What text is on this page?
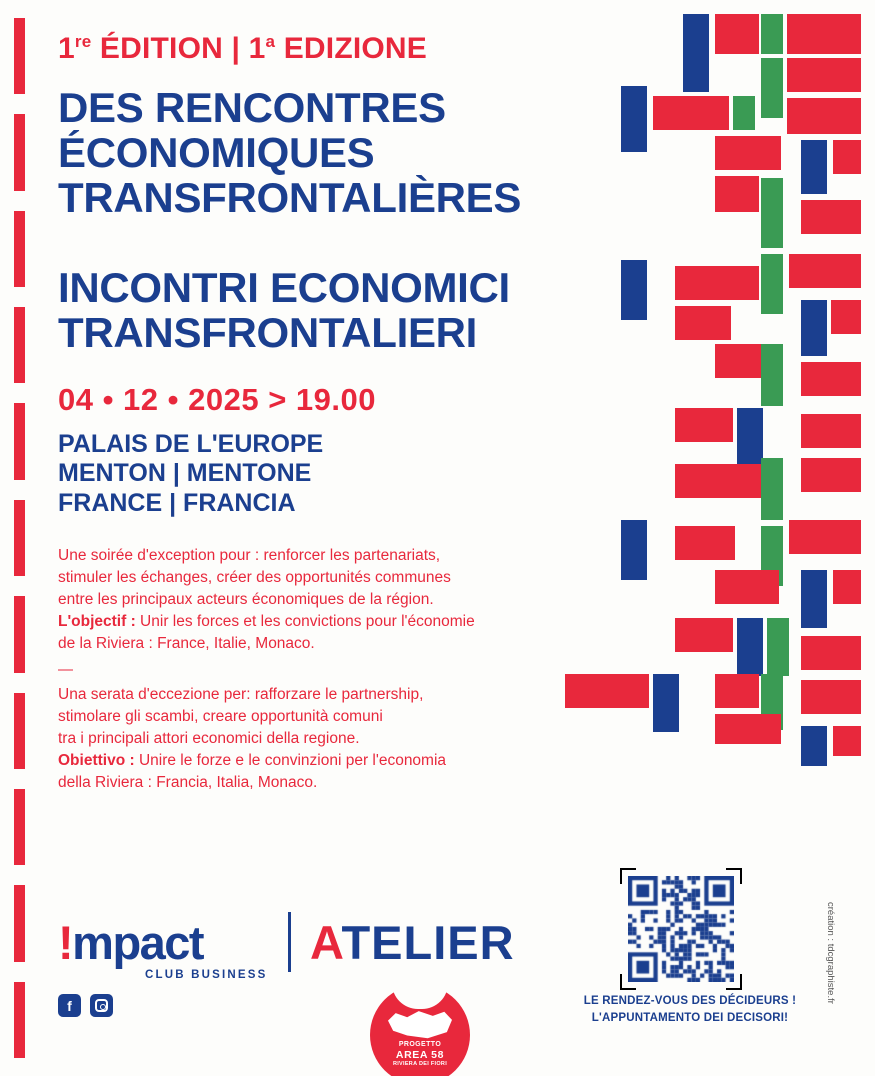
1re ÉDITION | 1$^a$ EDIZIONE
DES RENCONTRES
ÉCONOMIQUES
TRANSFRONTALIÈRES
INCONTRI ECONOMICI
TRANSFRONTALIERI
04 • 12 • 2025 > 19.00
PALAIS DE L'EUROPE
MENTON | MENTONE
FRANCE | FRANCIA
Une soirée d'exception pour : renforcer les partenariats,
stimuler les échanges, créer des opportunités communes
entre les principaux acteurs économiques de la région.
L'objectif : Unir les forces et les convictions pour l'économie
de la Riviera : France, Italie, Monaco.
—
Una serata d'eccezione per: rafforzare le partnership,
stimolare gli scambi, creare opportunità comuni
tra i principali attori economici della regione.
Obiettivo : Unire le forze e le convinzioni per l'economia
della Riviera : Francia, Italia, Monaco.
!mpact
CLUB BUSINESS
ATELIER
f
PROGETTO
AREA 58
RIVIERA DEI FIORI
LE RENDEZ-VOUS DES DÉCIDEURS !
L'APPUNTAMENTO DEI DECISORI!
création : tdcgraphiste.fr
